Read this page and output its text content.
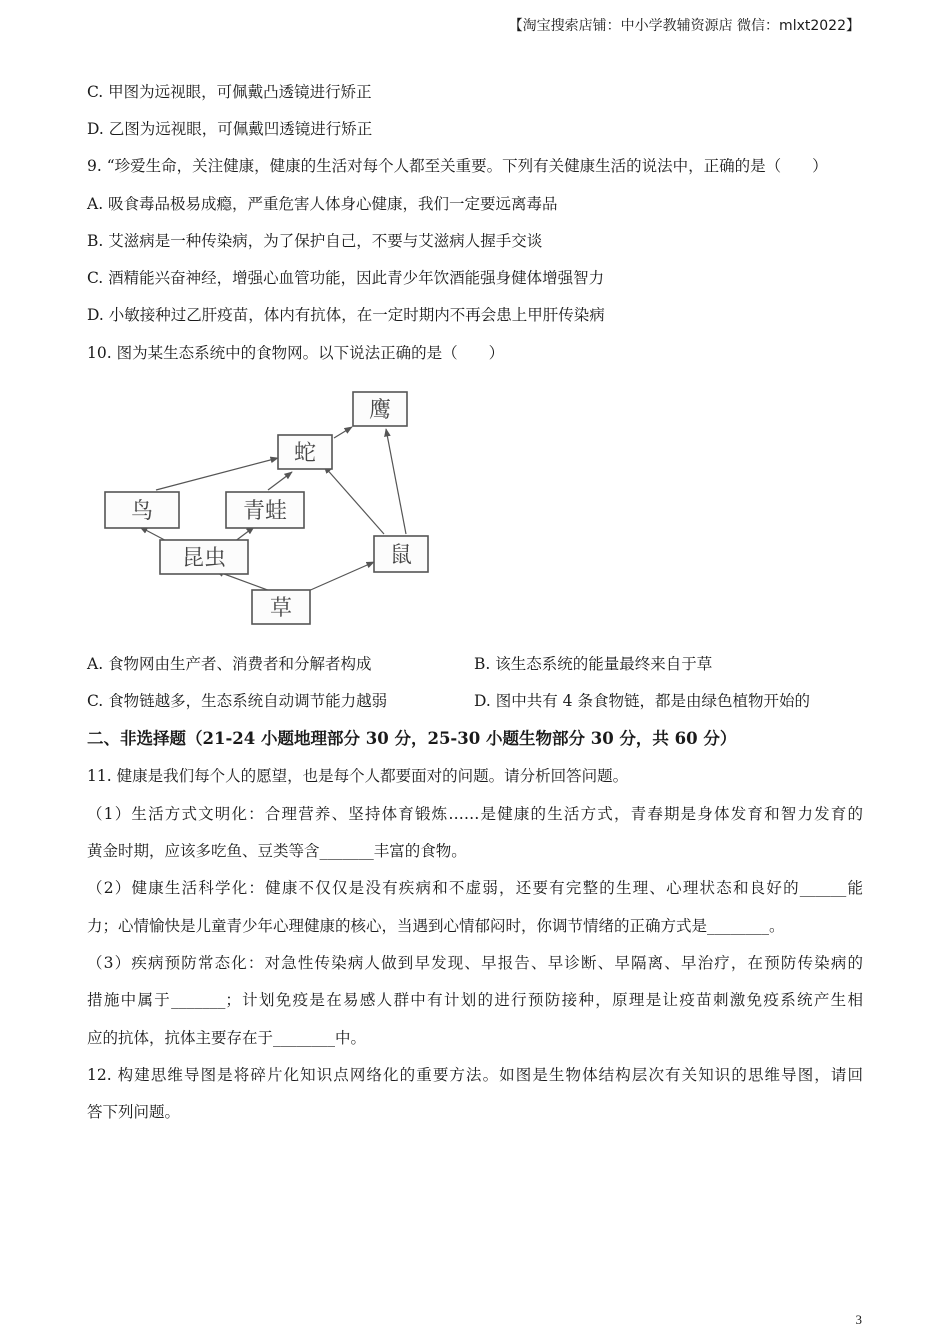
【淘宝搜索店铺：中小学教辅资源店 微信：mlxt2022】
C. 甲图为远视眼，可佩戴凸透镜进行矫正
D. 乙图为远视眼，可佩戴凹透镜进行矫正
9. “珍爱生命，关注健康，健康的生活对每个人都至关重要。下列有关健康生活的说法中，正确的是（　　）
A. 吸食毒品极易成瘾，严重危害人体身心健康，我们一定要远离毒品
B. 艾滋病是一种传染病，为了保护自己，不要与艾滋病人握手交谈
C. 酒精能兴奋神经，增强心血管功能，因此青少年饮酒能强身健体增强智力
D. 小敏接种过乙肝疫苗，体内有抗体，在一定时期内不再会患上甲肝传染病
10. 图为某生态系统中的食物网。以下说法正确的是（　　）
鹰
蛇
鸟	青蛙
昆虫	鼠
草
A. 食物网由生产者、消费者和分解者构成	B. 该生态系统的能量最终来自于草
C. 食物链越多，生态系统自动调节能力越弱	D. 图中共有 4 条食物链，都是由绿色植物开始的
二、非选择题（21-24 小题地理部分 30 分，25-30 小题生物部分 30 分，共 60 分）
11. 健康是我们每个人的愿望，也是每个人都要面对的问题。请分析回答问题。
（1）生活方式文明化：合理营养、坚持体育锻炼……是健康的生活方式，青春期是身体发育和智力发育的
黄金时期，应该多吃鱼、豆类等含_______丰富的食物。
（2）健康生活科学化：健康不仅仅是没有疾病和不虚弱，还要有完整的生理、心理状态和良好的______能
力；心情愉快是儿童青少年心理健康的核心，当遇到心情郁闷时，你调节情绪的正确方式是________。
（3）疾病预防常态化：对急性传染病人做到早发现、早报告、早诊断、早隔离、早治疗，在预防传染病的
措施中属于_______；计划免疫是在易感人群中有计划的进行预防接种，原理是让疫苗刺激免疫系统产生相
应的抗体，抗体主要存在于________中。
12. 构建思维导图是将碎片化知识点网络化的重要方法。如图是生物体结构层次有关知识的思维导图，请回
答下列问题。
3
